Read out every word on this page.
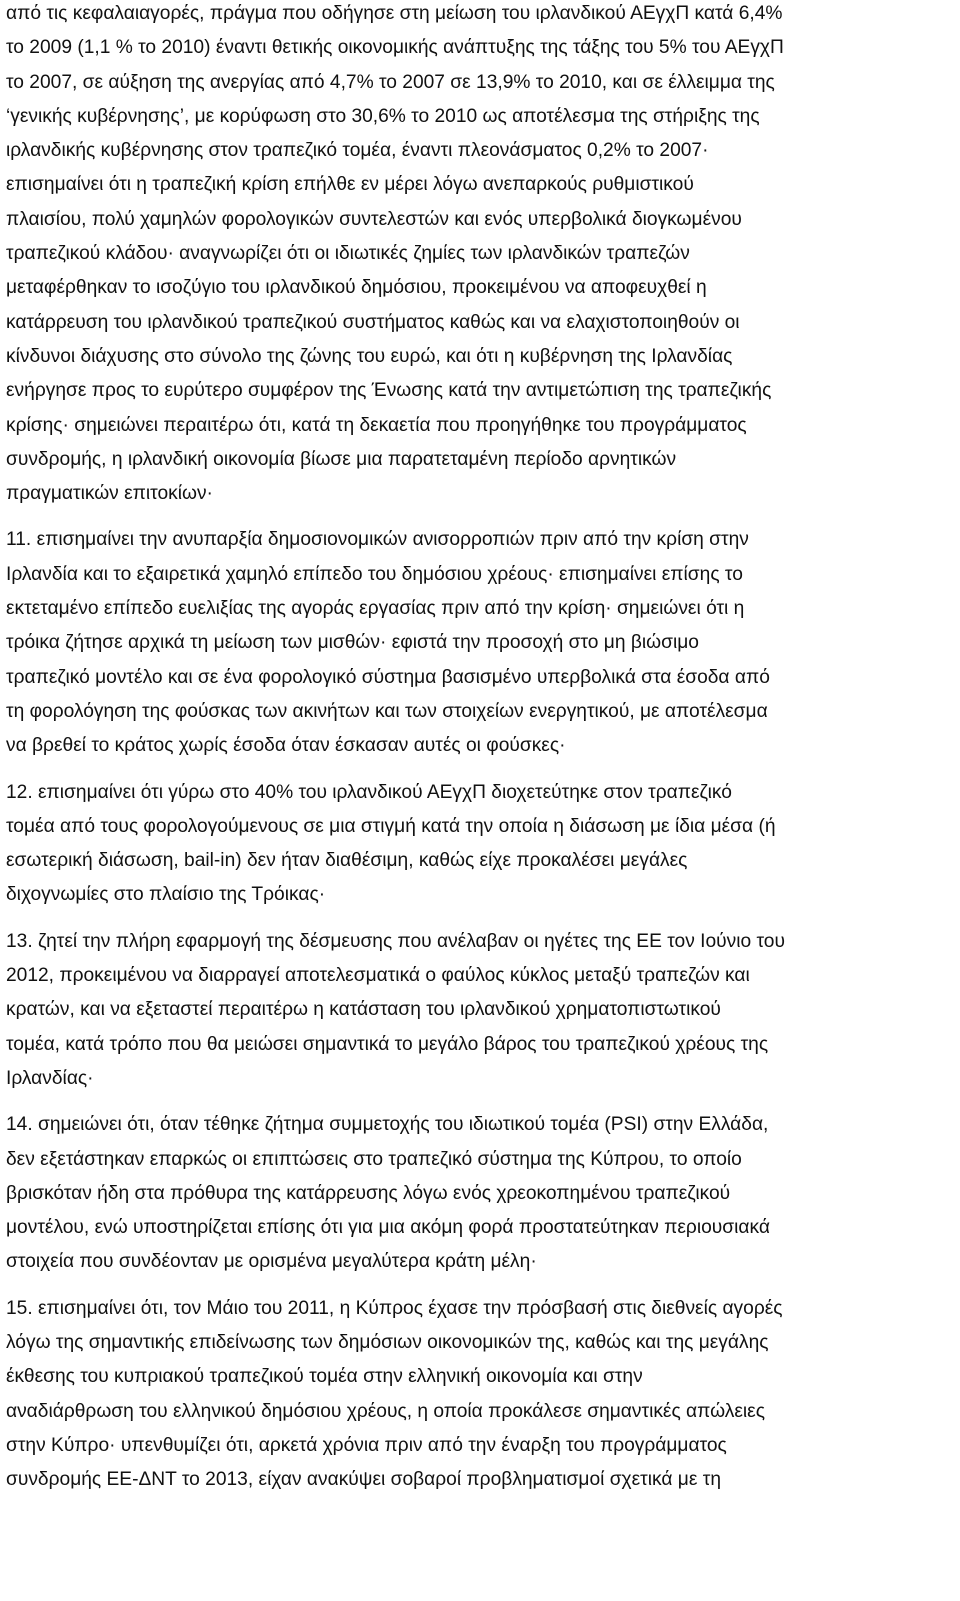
από τις κεφαλαιαγορές, πράγμα που οδήγησε στη μείωση του ιρλανδικού ΑΕγχΠ κατά 6,4%
το 2009 (1,1 % το 2010) έναντι θετικής οικονομικής ανάπτυξης της τάξης του 5% του ΑΕγχΠ
το 2007, σε αύξηση της ανεργίας από 4,7% το 2007 σε 13,9% το 2010, και σε έλλειμμα της
‘γενικής κυβέρνησης’, με κορύφωση στο 30,6% το 2010 ως αποτέλεσμα της στήριξης της
ιρλανδικής κυβέρνησης στον τραπεζικό τομέα, έναντι πλεονάσματος 0,2% το 2007·
επισημαίνει ότι η τραπεζική κρίση επήλθε εν μέρει λόγω ανεπαρκούς ρυθμιστικού
πλαισίου, πολύ χαμηλών φορολογικών συντελεστών και ενός υπερβολικά διογκωμένου
τραπεζικού κλάδου· αναγνωρίζει ότι οι ιδιωτικές ζημίες των ιρλανδικών τραπεζών
μεταφέρθηκαν το ισοζύγιο του ιρλανδικού δημόσιου, προκειμένου να αποφευχθεί η
κατάρρευση του ιρλανδικού τραπεζικού συστήματος καθώς και να ελαχιστοποιηθούν οι
κίνδυνοι διάχυσης στο σύνολο της ζώνης του ευρώ, και ότι η κυβέρνηση της Ιρλανδίας
ενήργησε προς το ευρύτερο συμφέρον της Ένωσης κατά την αντιμετώπιση της τραπεζικής
κρίσης· σημειώνει περαιτέρω ότι, κατά τη δεκαετία που προηγήθηκε του προγράμματος
συνδρομής, η ιρλανδική οικονομία βίωσε μια παρατεταμένη περίοδο αρνητικών
πραγματικών επιτοκίων·
11. επισημαίνει την ανυπαρξία δημοσιονομικών ανισορροπιών πριν από την κρίση στην
Ιρλανδία και το εξαιρετικά χαμηλό επίπεδο του δημόσιου χρέους· επισημαίνει επίσης το
εκτεταμένο επίπεδο ευελιξίας της αγοράς εργασίας πριν από την κρίση· σημειώνει ότι η
τρόικα ζήτησε αρχικά τη μείωση των μισθών· εφιστά την προσοχή στο μη βιώσιμο
τραπεζικό μοντέλο και σε ένα φορολογικό σύστημα βασισμένο υπερβολικά στα έσοδα από
τη φορολόγηση της φούσκας των ακινήτων και των στοιχείων ενεργητικού, με αποτέλεσμα
να βρεθεί το κράτος χωρίς έσοδα όταν έσκασαν αυτές οι φούσκες·
12. επισημαίνει ότι γύρω στο 40% του ιρλανδικού ΑΕγχΠ διοχετεύτηκε στον τραπεζικό
τομέα από τους φορολογούμενους σε μια στιγμή κατά την οποία η διάσωση με ίδια μέσα (ή
εσωτερική διάσωση, bail-in) δεν ήταν διαθέσιμη, καθώς είχε προκαλέσει μεγάλες
διχογνωμίες στο πλαίσιο της Τρόικας·
13. ζητεί την πλήρη εφαρμογή της δέσμευσης που ανέλαβαν οι ηγέτες της ΕΕ τον Ιούνιο του
2012, προκειμένου να διαρραγεί αποτελεσματικά ο φαύλος κύκλος μεταξύ τραπεζών και
κρατών, και να εξεταστεί περαιτέρω η κατάσταση του ιρλανδικού χρηματοπιστωτικού
τομέα, κατά τρόπο που θα μειώσει σημαντικά το μεγάλο βάρος του τραπεζικού χρέους της
Ιρλανδίας·
14. σημειώνει ότι, όταν τέθηκε ζήτημα συμμετοχής του ιδιωτικού τομέα (PSI) στην Ελλάδα,
δεν εξετάστηκαν επαρκώς οι επιπτώσεις στο τραπεζικό σύστημα της Κύπρου, το οποίο
βρισκόταν ήδη στα πρόθυρα της κατάρρευσης λόγω ενός χρεοκοπημένου τραπεζικού
μοντέλου, ενώ υποστηρίζεται επίσης ότι για μια ακόμη φορά προστατεύτηκαν περιουσιακά
στοιχεία που συνδέονταν με ορισμένα μεγαλύτερα κράτη μέλη·
15. επισημαίνει ότι, τον Μάιο του 2011, η Κύπρος έχασε την πρόσβασή στις διεθνείς αγορές
λόγω της σημαντικής επιδείνωσης των δημόσιων οικονομικών της, καθώς και της μεγάλης
έκθεσης του κυπριακού τραπεζικού τομέα στην ελληνική οικονομία και στην
αναδιάρθρωση του ελληνικού δημόσιου χρέους, η οποία προκάλεσε σημαντικές απώλειες
στην Κύπρο· υπενθυμίζει ότι, αρκετά χρόνια πριν από την έναρξη του προγράμματος
συνδρομής ΕΕ-ΔΝΤ το 2013, είχαν ανακύψει σοβαροί προβληματισμοί σχετικά με τη
